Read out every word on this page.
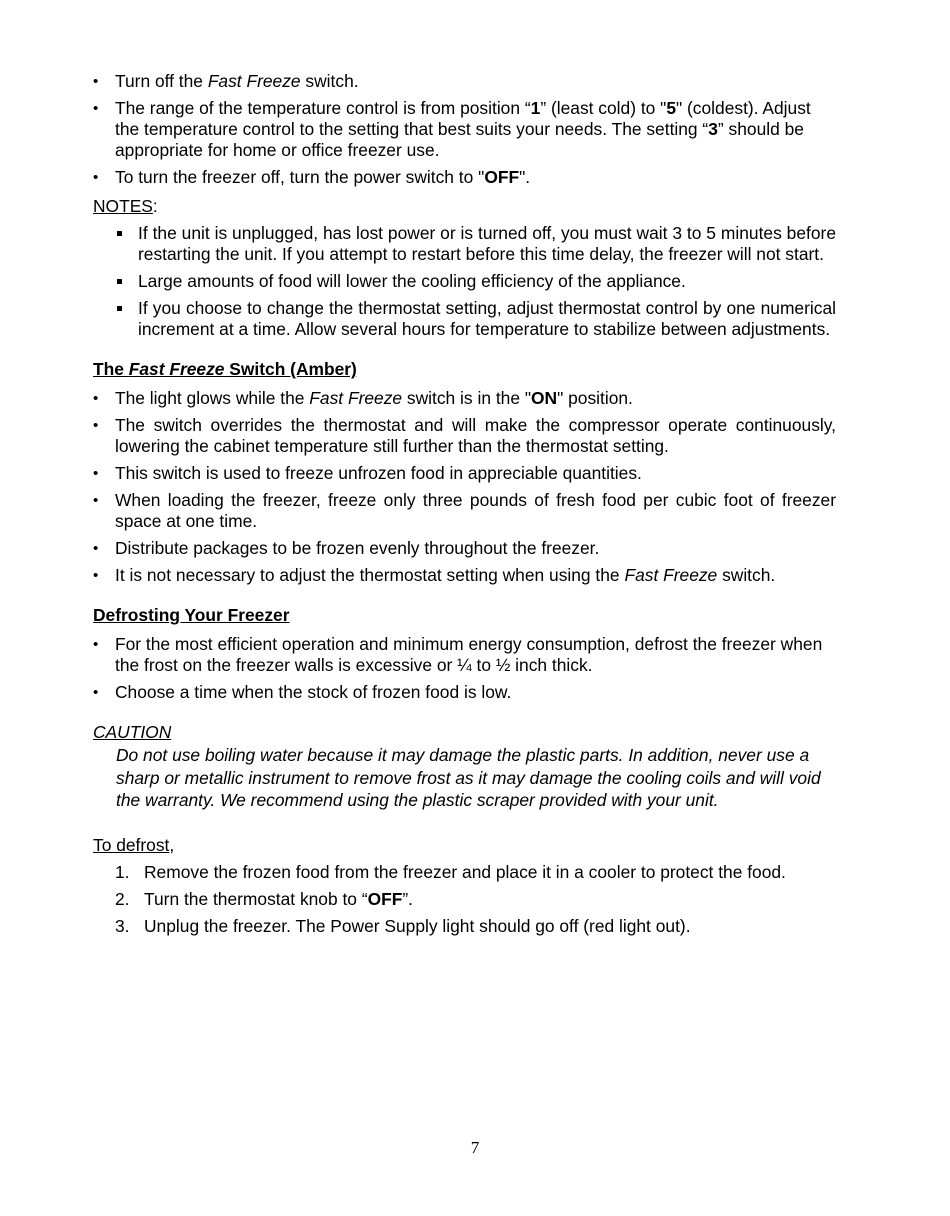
• Turn off the Fast Freeze switch.
• The range of the temperature control is from position “1” (least cold) to "5" (coldest). Adjust the temperature control to the setting that best suits your needs. The setting “3” should be appropriate for home or office freezer use.
• To turn the freezer off, turn the power switch to "OFF".
NOTES:
If the unit is unplugged, has lost power or is turned off, you must wait 3 to 5 minutes before restarting the unit. If you attempt to restart before this time delay, the freezer will not start.
Large amounts of food will lower the cooling efficiency of the appliance.
If you choose to change the thermostat setting, adjust thermostat control by one numerical increment at a time. Allow several hours for temperature to stabilize between adjustments.
The Fast Freeze Switch (Amber)
• The light glows while the Fast Freeze switch is in the "ON" position.
• The switch overrides the thermostat and will make the compressor operate continuously, lowering the cabinet temperature still further than the thermostat setting.
• This switch is used to freeze unfrozen food in appreciable quantities.
• When loading the freezer, freeze only three pounds of fresh food per cubic foot of freezer space at one time.
• Distribute packages to be frozen evenly throughout the freezer.
• It is not necessary to adjust the thermostat setting when using the Fast Freeze switch.
Defrosting Your Freezer
• For the most efficient operation and minimum energy consumption, defrost the freezer when the frost on the freezer walls is excessive or ¼ to ½ inch thick.
• Choose a time when the stock of frozen food is low.
CAUTION
Do not use boiling water because it may damage the plastic parts. In addition, never use a sharp or metallic instrument to remove frost as it may damage the cooling coils and will void the warranty. We recommend using the plastic scraper provided with your unit.
To defrost,
1. Remove the frozen food from the freezer and place it in a cooler to protect the food.
2. Turn the thermostat knob to “OFF”.
3. Unplug the freezer. The Power Supply light should go off (red light out).
7
